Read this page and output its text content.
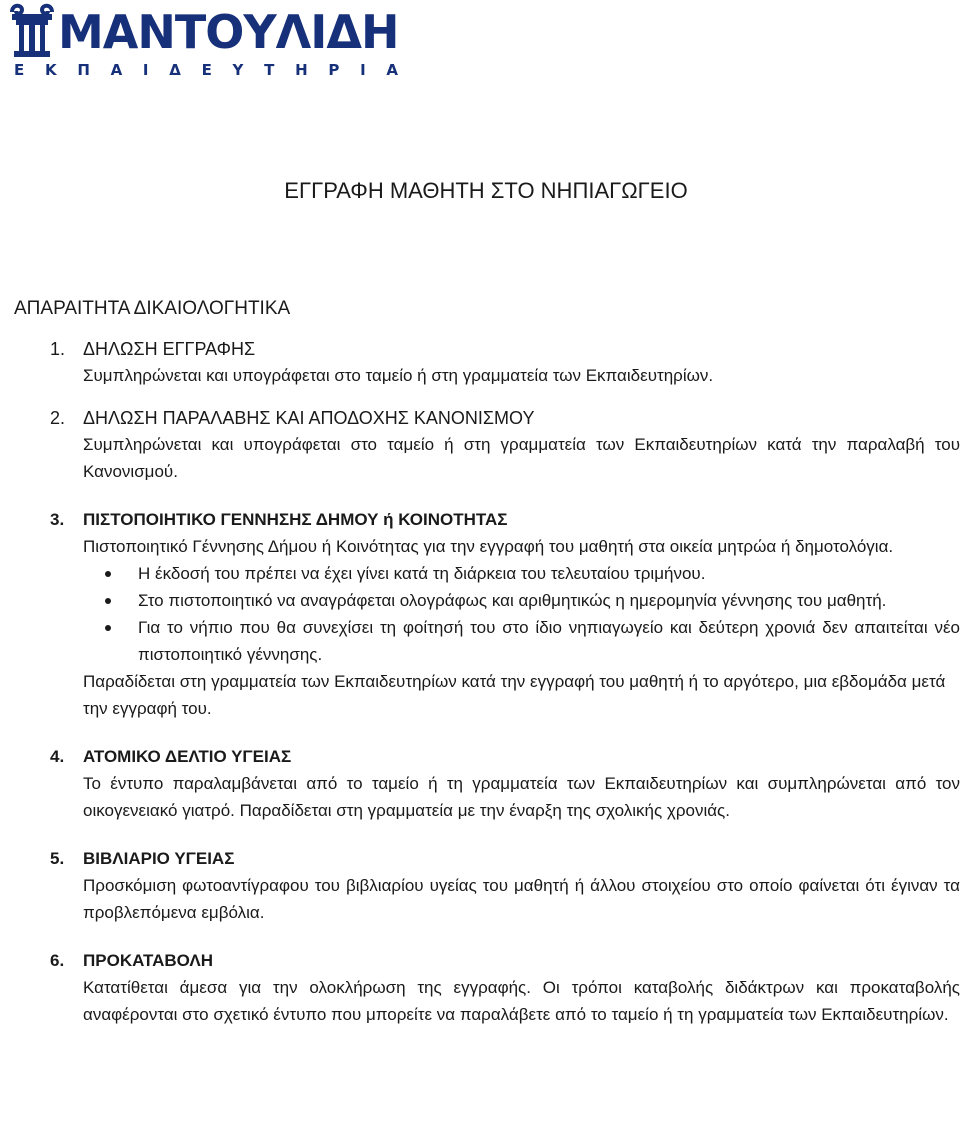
ΜΑΝΤΟΥΛΙΔΗ
Ε Κ Π Α Ι Δ Ε Υ Τ Η Ρ Ι Α
ΕΓΓΡΑΦΗ ΜΑΘΗΤΗ ΣΤΟ ΝΗΠΙΑΓΩΓΕΙΟ
ΑΠΑΡΑΙΤΗΤΑ ΔΙΚΑΙΟΛΟΓΗΤΙΚΑ
1. ΔΗΛΩΣΗ ΕΓΓΡΑΦΗΣ
Συμπληρώνεται και υπογράφεται στο ταμείο ή στη γραμματεία των Εκπαιδευτηρίων.
2. ΔΗΛΩΣΗ ΠΑΡΑΛΑΒΗΣ ΚΑΙ ΑΠΟΔΟΧΗΣ ΚΑΝΟΝΙΣΜΟΥ
Συμπληρώνεται και υπογράφεται στο ταμείο ή στη γραμματεία των Εκπαιδευτηρίων κατά την παραλαβή του Κανονισμού.
3.	ΠΙΣΤΟΠΟΙΗΤΙΚΟ ΓΕΝΝΗΣΗΣ ΔΗΜΟΥ ή ΚΟΙΝΟΤΗΤΑΣ
Πιστοποιητικό Γέννησης Δήμου ή Κοινότητας για την εγγραφή του μαθητή στα οικεία μητρώα ή δημοτολόγια.
Η έκδοσή του πρέπει να έχει γίνει κατά τη διάρκεια του τελευταίου τριμήνου.
Στο πιστοποιητικό να αναγράφεται ολογράφως και αριθμητικώς η ημερομηνία γέννησης του μαθητή.
Για το νήπιο που θα συνεχίσει τη φοίτησή του στο ίδιο νηπιαγωγείο και δεύτερη χρονιά δεν απαιτείται νέο πιστοποιητικό γέννησης.
Παραδίδεται στη γραμματεία των Εκπαιδευτηρίων κατά την εγγραφή του μαθητή ή το αργότερο, μια εβδομάδα μετά την εγγραφή του.
4.	ΑΤΟΜΙΚΟ ΔΕΛΤΙΟ ΥΓΕΙΑΣ
Το έντυπο παραλαμβάνεται από το ταμείο ή τη γραμματεία των Εκπαιδευτηρίων και συμπληρώνεται από τον οικογενειακό γιατρό. Παραδίδεται στη γραμματεία με την έναρξη της σχολικής χρονιάς.
5.	ΒΙΒΛΙΑΡΙΟ ΥΓΕΙΑΣ
Προσκόμιση φωτοαντίγραφου του βιβλιαρίου υγείας του μαθητή ή άλλου στοιχείου στο οποίο φαίνεται ότι έγιναν τα προβλεπόμενα εμβόλια.
6.	ΠΡΟΚΑΤΑΒΟΛΗ
Κατατίθεται άμεσα για την ολοκλήρωση της εγγραφής. Οι τρόποι καταβολής διδάκτρων και προκαταβολής αναφέρονται στο σχετικό έντυπο που μπορείτε να παραλάβετε από το ταμείο ή τη γραμματεία των Εκπαιδευτηρίων.
